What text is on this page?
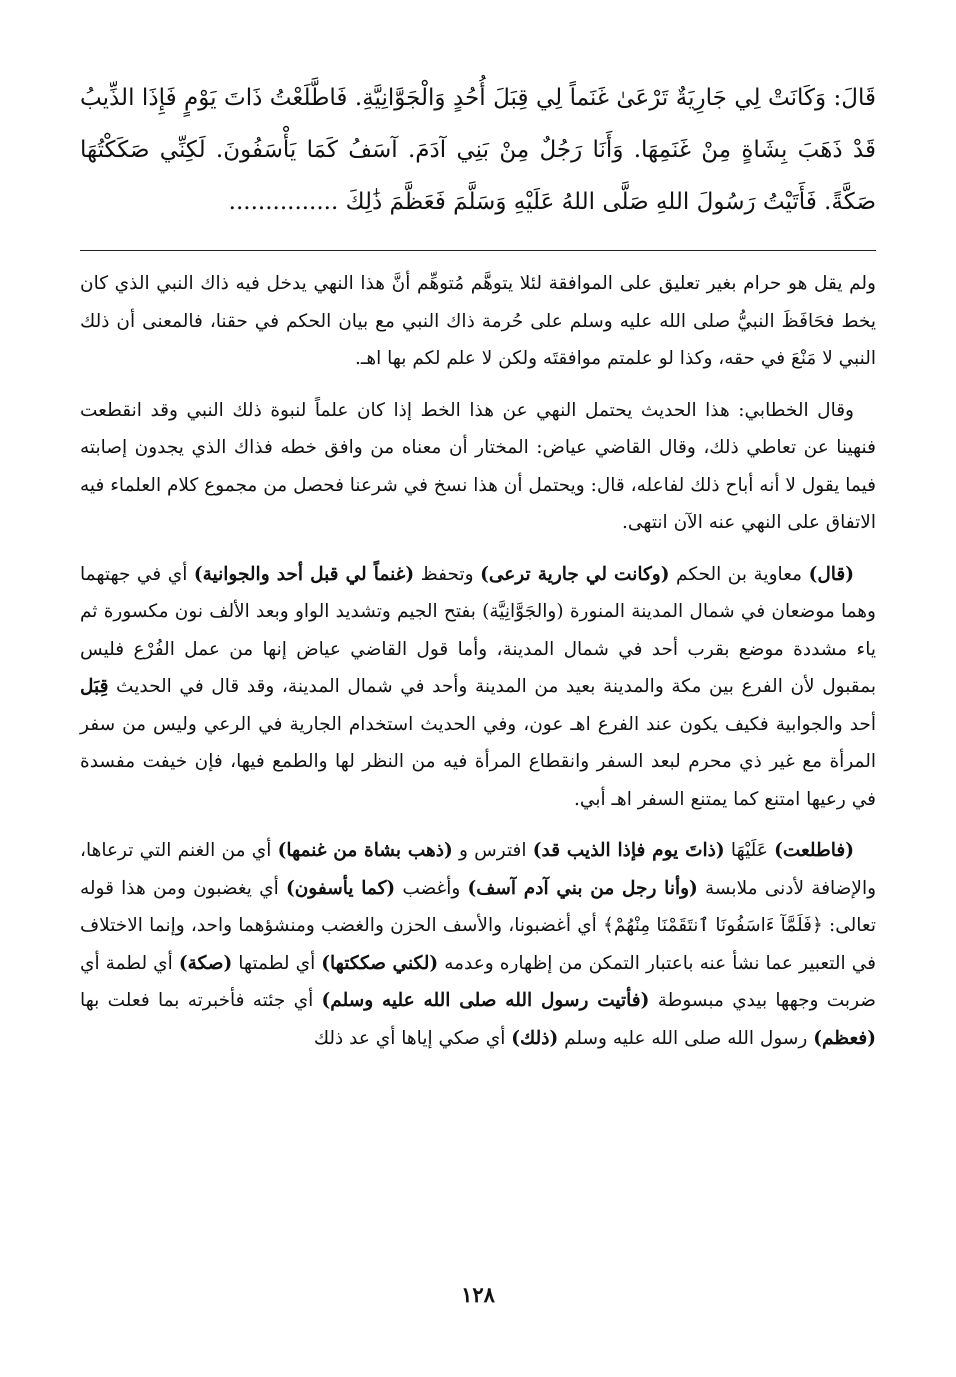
قَالَ: وَكَانَتْ لِي جَارِيَةٌ تَرْعَىٰ غَنَماً لِي قِبَلَ أُحُدٍ وَالْجَوَّانِيَّةِ. فَاطَّلَعْتُ ذَاتَ يَوْمٍ فَإِذَا الذِّيبُ قَدْ ذَهَبَ بِشَاةٍ مِنْ غَنَمِهَا. وَأَنَا رَجُلٌ مِنْ بَنِي آدَمَ. آسَفُ كَمَا يَأْسَفُونَ. لَكِنِّي صَكَكْتُهَا صَكَّةً. فَأَتَيْتُ رَسُولَ اللهِ صَلَّى اللهُ عَلَيْهِ وَسَلَّمَ فَعَظَّمَ ذَٰلِكَ ...............

ولم يقل هو حرام بغير تعليق على الموافقة لئلا يتوهَّم مُتوهِّم أنَّ هذا النهي يدخل فيه ذاك النبي الذي كان يخط فحَافَظَ النبيُّ صلى الله عليه وسلم على حُرمة ذاك النبي مع بيان الحكم في حقنا، فالمعنى أن ذلك النبي لا مَنْعَ في حقه، وكذا لو علمتم موافقتَه ولكن لا علم لكم بها اهـ.

وقال الخطابي: هذا الحديث يحتمل النهي عن هذا الخط إذا كان علماً لنبوة ذلك النبي وقد انقطعت فنهينا عن تعاطي ذلك، وقال القاضي عياض: المختار أن معناه من وافق خطه فذاك الذي يجدون إصابته فيما يقول لا أنه أباح ذلك لفاعله، قال: ويحتمل أن هذا نسخ في شرعنا فحصل من مجموع كلام العلماء فيه الاتفاق على النهي عنه الآن انتهى.

(قال) معاوية بن الحكم (وكانت لي جارية ترعى) وتحفظ (غنماً لي قبل أحد والجوانية) أي في جهتهما وهما موضعان في شمال المدينة المنورة (والجَوَّانِيَّة) بفتح الجيم وتشديد الواو وبعد الألف نون مكسورة ثم ياء مشددة موضع بقرب أحد في شمال المدينة، وأما قول القاضي عياض إنها من عمل الفُرْع فليس بمقبول لأن الفرع بين مكة والمدينة بعيد من المدينة وأحد في شمال المدينة، وقد قال في الحديث قِبَل أحد والجوابية فكيف يكون عند الفرع اهـ عون، وفي الحديث استخدام الجارية في الرعي وليس من سفر المرأة مع غير ذي محرم لبعد السفر وانقطاع المرأة فيه من النظر لها والطمع فيها، فإن خيفت مفسدة في رعيها امتنع كما يمتنع السفر اهـ أبي.

(فاطلعت) عَلَيْهَا (ذاتَ يوم فإذا الذيب قد) افترس و (ذهب بشاة من غنمها) أي من الغنم التي ترعاها، والإضافة لأدنى ملابسة (وأنا رجل من بني آدم آسف) وأغضب (كما يأسفون) أي يغضبون ومن هذا قوله تعالى: ﴿فَلَمَّآ ءَاسَفُونَا ٱنتَقَمْنَا مِنْهُمْ﴾ أي أغضبونا، والأسف الحزن والغضب ومنشؤهما واحد، وإنما الاختلاف في التعبير عما نشأ عنه باعتبار التمكن من إظهاره وعدمه (لكني صككتها) أي لطمتها (صكة) أي لطمة أي ضربت وجهها بيدي مبسوطة (فأتيت رسول الله صلى الله عليه وسلم) أي جئته فأخبرته بما فعلت بها (فعظم) رسول الله صلى الله عليه وسلم (ذلك) أي صكي إياها أي عد ذلك

١٢٨
